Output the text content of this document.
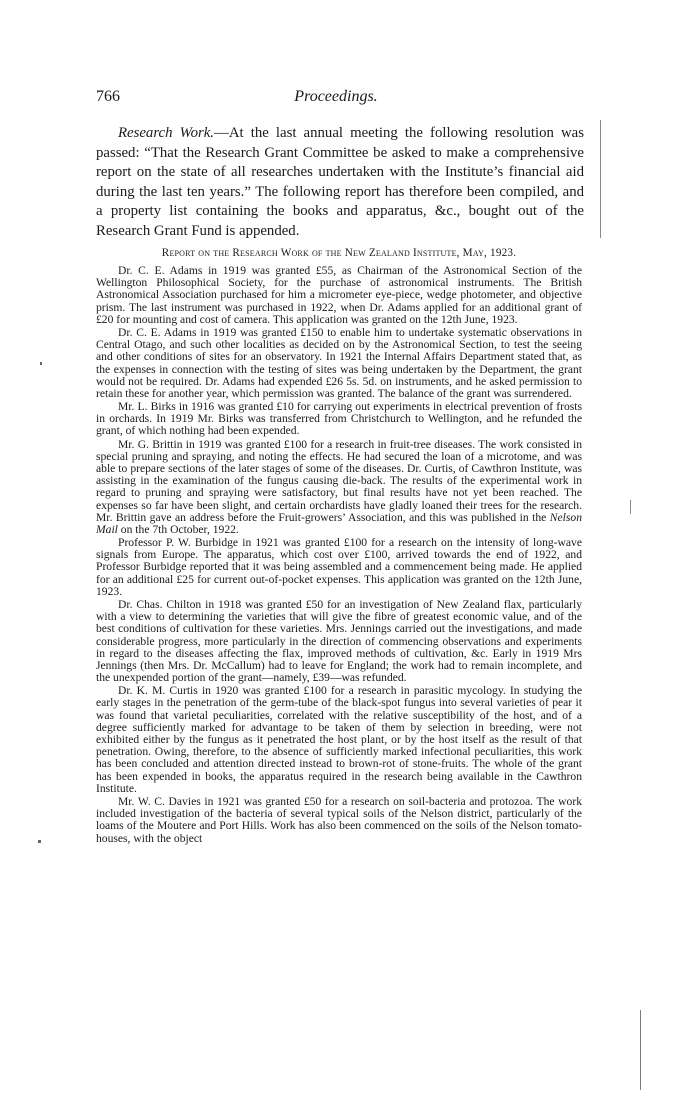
766	Proceedings.

Research Work.—At the last annual meeting the following resolution was passed: “That the Research Grant Committee be asked to make a comprehensive report on the state of all researches undertaken with the Institute’s financial aid during the last ten years.” The following report has therefore been compiled, and a property list containing the books and apparatus, &c., bought out of the Research Grant Fund is appended.

Report on the Research Work of the New Zealand Institute, May, 1923.

Dr. C. E. Adams in 1919 was granted £55, as Chairman of the Astronomical Section of the Wellington Philosophical Society, for the purchase of astronomical instruments. The British Astronomical Association purchased for him a micrometer eye-piece, wedge photometer, and objective prism. The last instrument was purchased in 1922, when Dr. Adams applied for an additional grant of £20 for mounting and cost of camera. This application was granted on the 12th June, 1923.

Dr. C. E. Adams in 1919 was granted £150 to enable him to undertake systematic observations in Central Otago, and such other localities as decided on by the Astronomical Section, to test the seeing and other conditions of sites for an observatory. In 1921 the Internal Affairs Department stated that, as the expenses in connection with the testing of sites was being undertaken by the Department, the grant would not be required. Dr. Adams had expended £26 5s. 5d. on instruments, and he asked permission to retain these for another year, which permission was granted. The balance of the grant was surrendered.

Mr. L. Birks in 1916 was granted £10 for carrying out experiments in electrical prevention of frosts in orchards. In 1919 Mr. Birks was transferred from Christchurch to Wellington, and he refunded the grant, of which nothing had been expended.

Mr. G. Brittin in 1919 was granted £100 for a research in fruit-tree diseases. The work consisted in special pruning and spraying, and noting the effects. He had secured the loan of a microtome, and was able to prepare sections of the later stages of some of the diseases. Dr. Curtis, of Cawthron Institute, was assisting in the examination of the fungus causing die-back. The results of the experimental work in regard to pruning and spraying were satisfactory, but final results have not yet been reached. The expenses so far have been slight, and certain orchardists have gladly loaned their trees for the research. Mr. Brittin gave an address before the Fruit-growers’ Association, and this was published in the Nelson Mail on the 7th October, 1922.

Professor P. W. Burbidge in 1921 was granted £100 for a research on the intensity of long-wave signals from Europe. The apparatus, which cost over £100, arrived towards the end of 1922, and Professor Burbidge reported that it was being assembled and a commencement being made. He applied for an additional £25 for current out-of-pocket expenses. This application was granted on the 12th June, 1923.

Dr. Chas. Chilton in 1918 was granted £50 for an investigation of New Zealand flax, particularly with a view to determining the varieties that will give the fibre of greatest economic value, and of the best conditions of cultivation for these varieties. Mrs. Jennings carried out the investigations, and made considerable progress, more particularly in the direction of commencing observations and experiments in regard to the diseases affecting the flax, improved methods of cultivation, &c. Early in 1919 Mrs Jennings (then Mrs. Dr. McCallum) had to leave for England; the work had to remain incomplete, and the unexpended portion of the grant—namely, £39—was refunded.

Dr. K. M. Curtis in 1920 was granted £100 for a research in parasitic mycology. In studying the early stages in the penetration of the germ-tube of the black-spot fungus into several varieties of pear it was found that varietal peculiarities, correlated with the relative susceptibility of the host, and of a degree sufficiently marked for advantage to be taken of them by selection in breeding, were not exhibited either by the fungus as it penetrated the host plant, or by the host itself as the result of that penetration. Owing, therefore, to the absence of sufficiently marked infectional peculiarities, this work has been concluded and attention directed instead to brown-rot of stone-fruits. The whole of the grant has been expended in books, the apparatus required in the research being available in the Cawthron Institute.

Mr. W. C. Davies in 1921 was granted £50 for a research on soil-bacteria and protozoa. The work included investigation of the bacteria of several typical soils of the Nelson district, particularly of the loams of the Moutere and Port Hills. Work has also been commenced on the soils of the Nelson tomato-houses, with the object
